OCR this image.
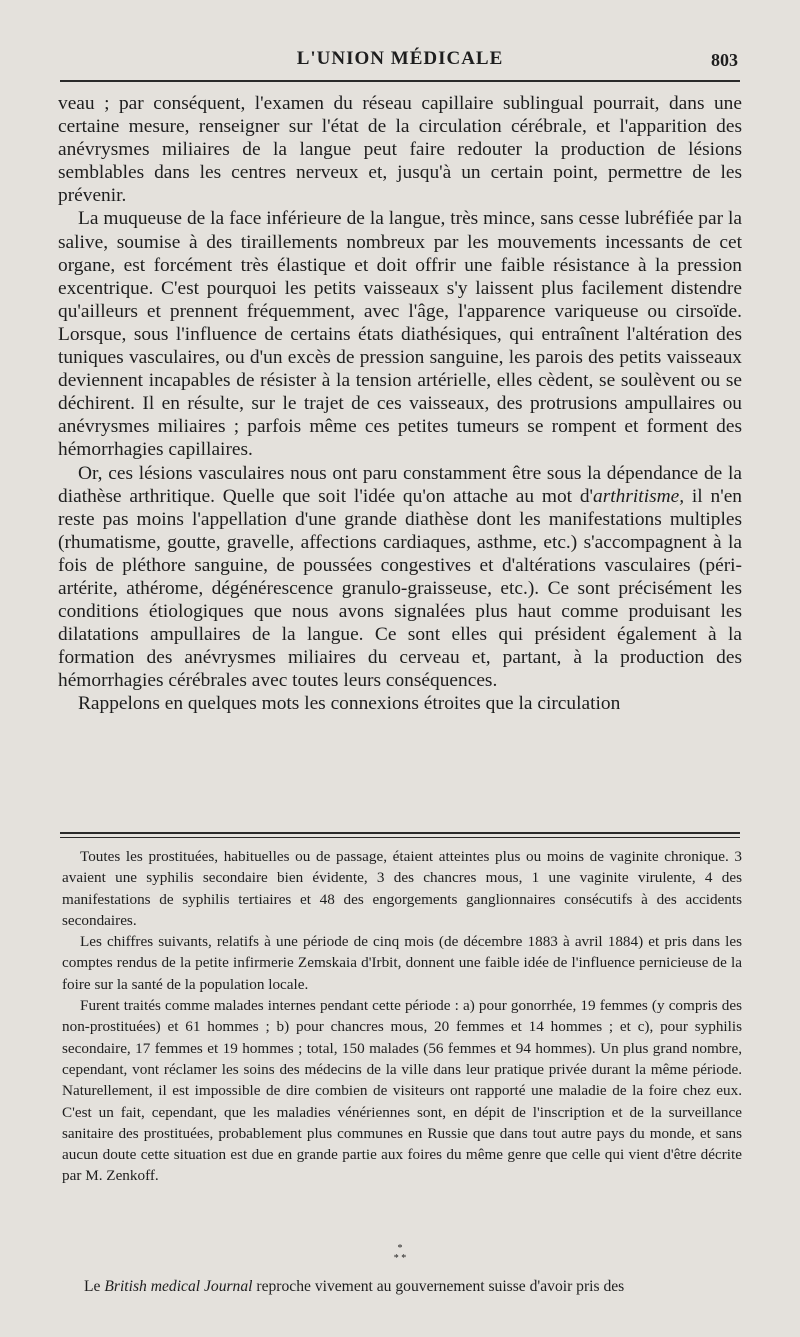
L'UNION MÉDICALE	803

veau ; par conséquent, l'examen du réseau capillaire sublingual pourrait, dans une certaine mesure, renseigner sur l'état de la circulation cérébrale, et l'apparition des anévrysmes miliaires de la langue peut faire redouter la production de lésions semblables dans les centres nerveux et, jusqu'à un certain point, permettre de les prévenir.

La muqueuse de la face inférieure de la langue, très mince, sans cesse lubréfiée par la salive, soumise à des tiraillements nombreux par les mouvements incessants de cet organe, est forcément très élastique et doit offrir une faible résistance à la pression excentrique. C'est pourquoi les petits vaisseaux s'y laissent plus facilement distendre qu'ailleurs et prennent fréquemment, avec l'âge, l'apparence variqueuse ou cirsoïde. Lorsque, sous l'influence de certains états diathésiques, qui entraînent l'altération des tuniques vasculaires, ou d'un excès de pression sanguine, les parois des petits vaisseaux deviennent incapables de résister à la tension artérielle, elles cèdent, se soulèvent ou se déchirent. Il en résulte, sur le trajet de ces vaisseaux, des protrusions ampullaires ou anévrysmes miliaires ; parfois même ces petites tumeurs se rompent et forment des hémorrhagies capillaires.

Or, ces lésions vasculaires nous ont paru constamment être sous la dépendance de la diathèse arthritique. Quelle que soit l'idée qu'on attache au mot d'arthritisme, il n'en reste pas moins l'appellation d'une grande diathèse dont les manifestations multiples (rhumatisme, goutte, gravelle, affections cardiaques, asthme, etc.) s'accompagnent à la fois de pléthore sanguine, de poussées congestives et d'altérations vasculaires (péri-artérite, athérome, dégénérescence granulo-graisseuse, etc.). Ce sont précisément les conditions étiologiques que nous avons signalées plus haut comme produisant les dilatations ampullaires de la langue. Ce sont elles qui président également à la formation des anévrysmes miliaires du cerveau et, partant, à la production des hémorrhagies cérébrales avec toutes leurs conséquences.

Rappelons en quelques mots les connexions étroites que la circulation

Toutes les prostituées, habituelles ou de passage, étaient atteintes plus ou moins de vaginite chronique. 3 avaient une syphilis secondaire bien évidente, 3 des chancres mous, 1 une vaginite virulente, 4 des manifestations de syphilis tertiaires et 48 des engorgements ganglionnaires consécutifs à des accidents secondaires.

Les chiffres suivants, relatifs à une période de cinq mois (de décembre 1883 à avril 1884) et pris dans les comptes rendus de la petite infirmerie Zemskaia d'Irbit, donnent une faible idée de l'influence pernicieuse de la foire sur la santé de la population locale.

Furent traités comme malades internes pendant cette période : a) pour gonorrhée, 19 femmes (y compris des non-prostituées) et 61 hommes ; b) pour chancres mous, 20 femmes et 14 hommes ; et c), pour syphilis secondaire, 17 femmes et 19 hommes ; total, 150 malades (56 femmes et 94 hommes). Un plus grand nombre, cependant, vont réclamer les soins des médecins de la ville dans leur pratique privée durant la même période. Naturellement, il est impossible de dire combien de visiteurs ont rapporté une maladie de la foire chez eux. C'est un fait, cependant, que les maladies vénériennes sont, en dépit de l'inscription et de la surveillance sanitaire des prostituées, probablement plus communes en Russie que dans tout autre pays du monde, et sans aucun doute cette situation est due en grande partie aux foires du même genre que celle qui vient d'être décrite par M. Zenkoff.

*
* *

Le British medical Journal reproche vivement au gouvernement suisse d'avoir pris des
